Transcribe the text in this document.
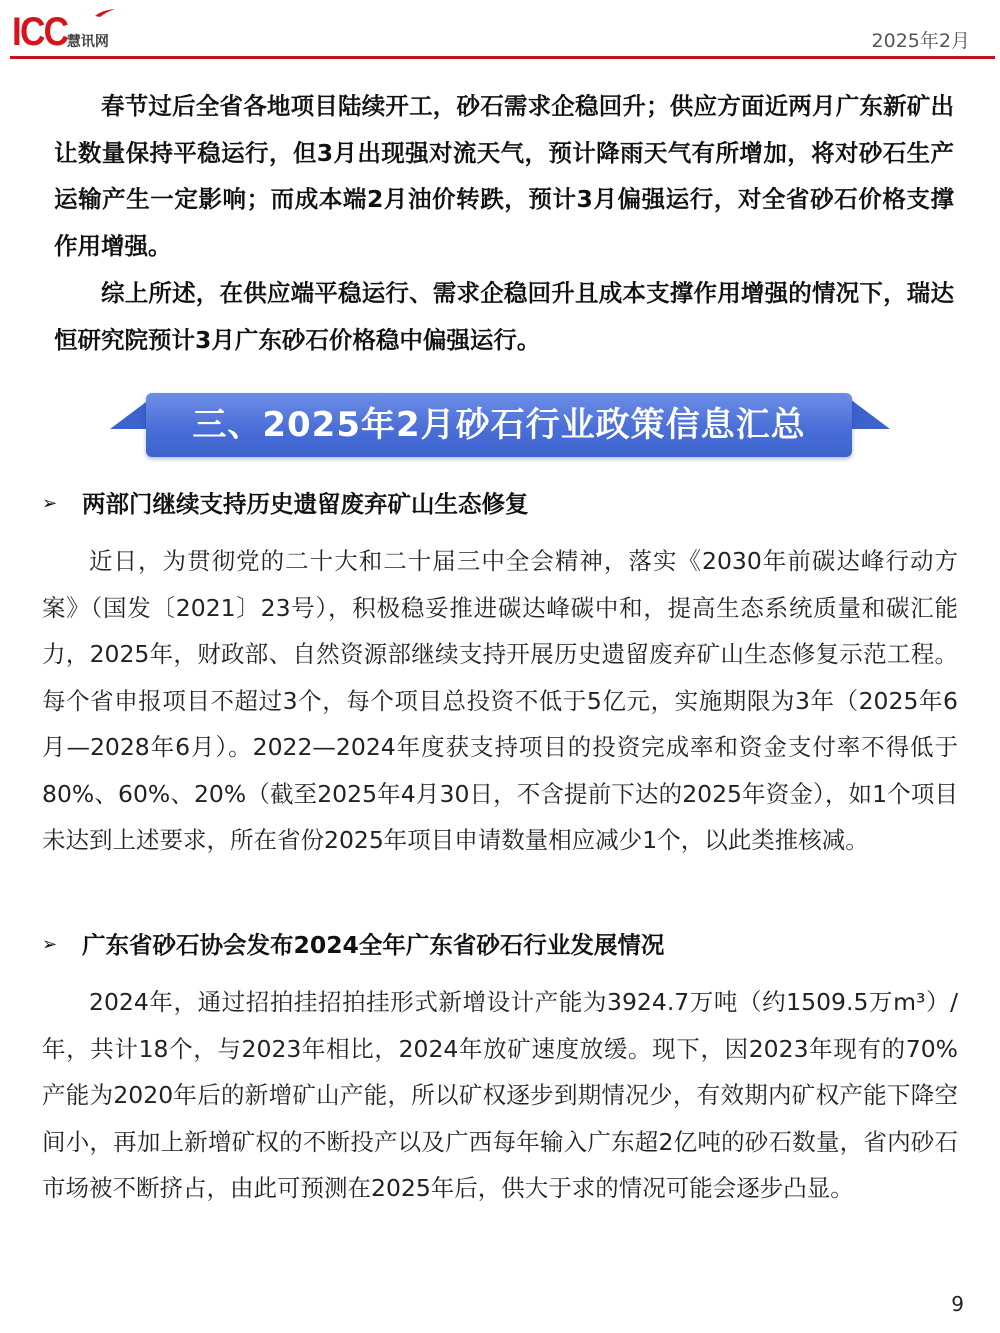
ICC 慧讯网	2025年2月

春节过后全省各地项目陆续开工，砂石需求企稳回升；供应方面近两月广东新矿出让数量保持平稳运行，但3月出现强对流天气，预计降雨天气有所增加，将对砂石生产运输产生一定影响；而成本端2月油价转跌，预计3月偏强运行，对全省砂石价格支撑作用增强。

综上所述，在供应端平稳运行、需求企稳回升且成本支撑作用增强的情况下，瑞达恒研究院预计3月广东砂石价格稳中偏强运行。

三、2025年2月砂石行业政策信息汇总
➢	两部门继续支持历史遗留废弃矿山生态修复

近日，为贯彻党的二十大和二十届三中全会精神，落实《2030年前碳达峰行动方案》（国发〔2021〕23号），积极稳妥推进碳达峰碳中和，提高生态系统质量和碳汇能力，2025年，财政部、自然资源部继续支持开展历史遗留废弃矿山生态修复示范工程。每个省申报项目不超过3个，每个项目总投资不低于5亿元，实施期限为3年（2025年6月—2028年6月）。2022—2024年度获支持项目的投资完成率和资金支付率不得低于80%、60%、20%（截至2025年4月30日，不含提前下达的2025年资金），如1个项目未达到上述要求，所在省份2025年项目申请数量相应减少1个，以此类推核减。

➢	广东省砂石协会发布2024全年广东省砂石行业发展情况

2024年，通过招拍挂招拍挂形式新增设计产能为3924.7万吨（约1509.5万m³）/年，共计18个，与2023年相比，2024年放矿速度放缓。现下，因2023年现有的70%产能为2020年后的新增矿山产能，所以矿权逐步到期情况少，有效期内矿权产能下降空间小，再加上新增矿权的不断投产以及广西每年输入广东超2亿吨的砂石数量，省内砂石市场被不断挤占，由此可预测在2025年后，供大于求的情况可能会逐步凸显。

9
